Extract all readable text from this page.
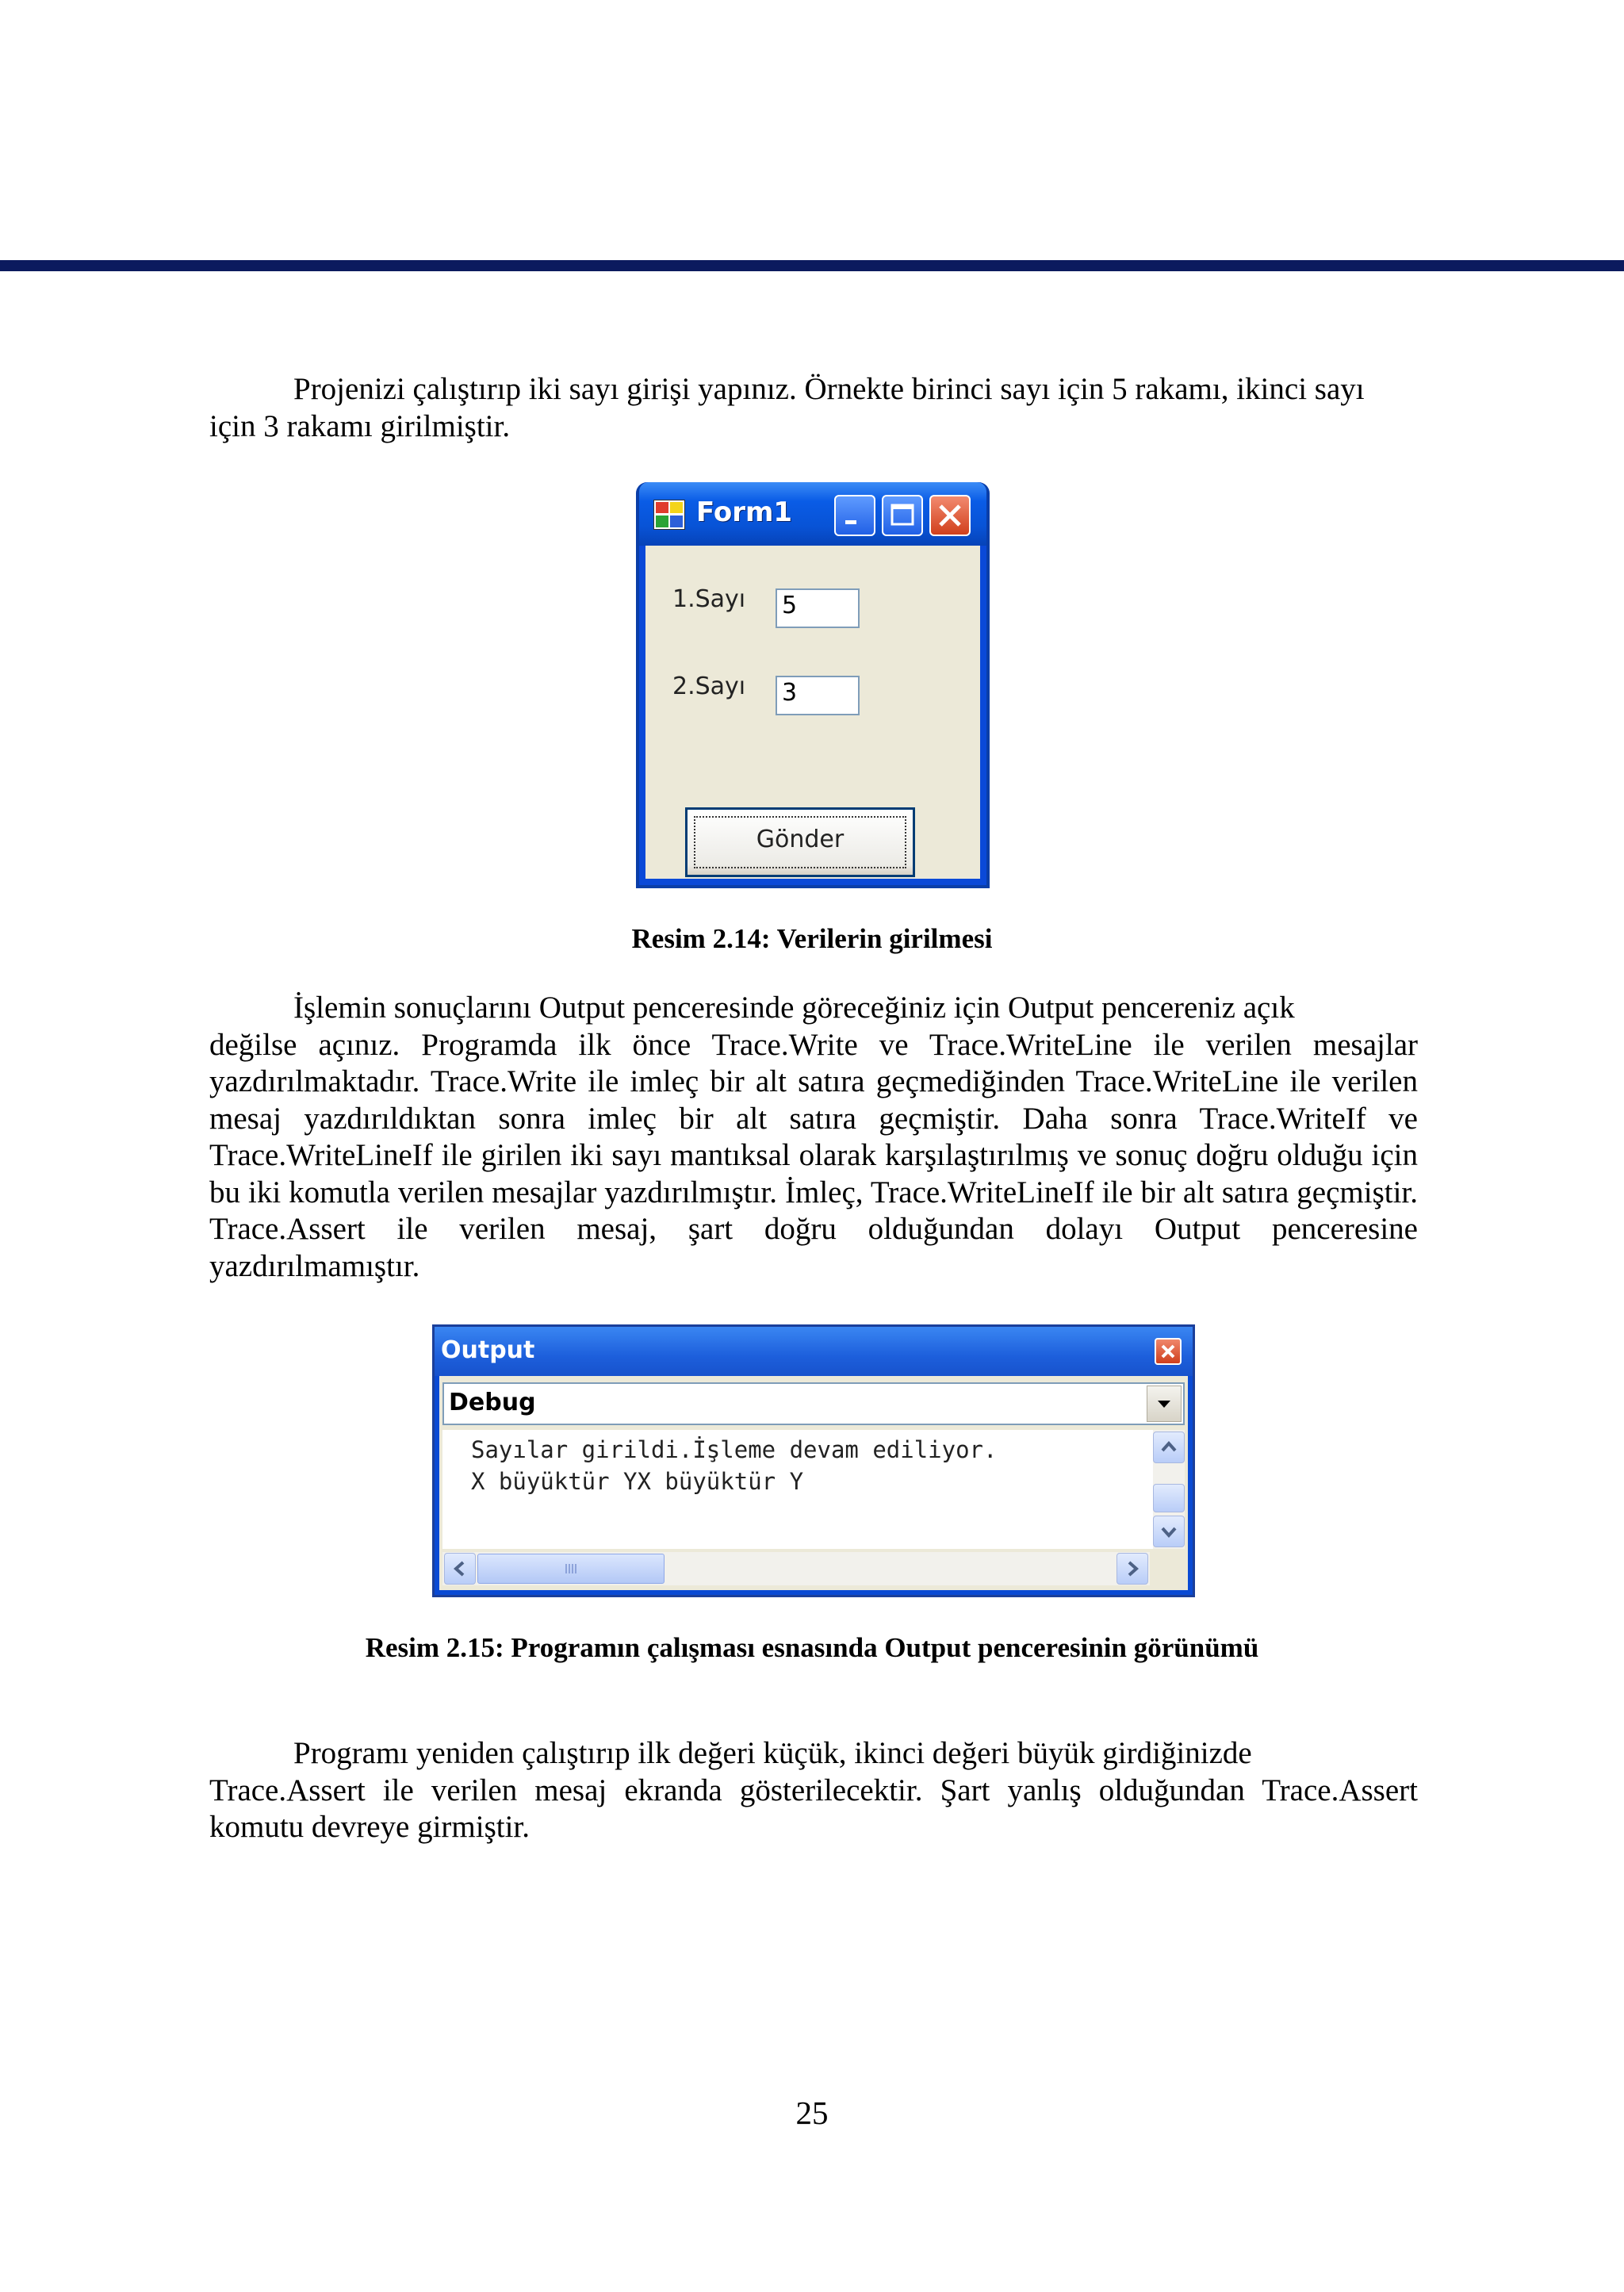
Projenizi çalıştırıp iki sayı girişi yapınız. Örnekte birinci sayı için 5 rakamı, ikinci sayı
için 3 rakamı girilmiştir.

Form1
1.Sayı 5
2.Sayı 3
Gönder

Resim 2.14: Verilerin girilmesi

İşlemin sonuçlarını Output penceresinde göreceğiniz için Output pencereniz açık
değilse açınız. Programda ilk önce Trace.Write ve Trace.WriteLine ile verilen mesajlar yazdırılmaktadır. Trace.Write ile imleç bir alt satıra geçmediğinden Trace.WriteLine ile verilen mesaj yazdırıldıktan sonra imleç bir alt satıra geçmiştir. Daha sonra Trace.WriteIf ve Trace.WriteLineIf ile girilen iki sayı mantıksal olarak karşılaştırılmış ve sonuç doğru olduğu için bu iki komutla verilen mesajlar yazdırılmıştır. İmleç, Trace.WriteLineIf ile bir alt satıra geçmiştir. Trace.Assert ile verilen mesaj, şart doğru olduğundan dolayı Output penceresine yazdırılmamıştır.

Output
Debug
Sayılar girildi.İşleme devam ediliyor.
X büyüktür YX büyüktür Y

Resim 2.15: Programın çalışması esnasında Output penceresinin görünümü

Programı yeniden çalıştırıp ilk değeri küçük, ikinci değeri büyük girdiğinizde
Trace.Assert ile verilen mesaj ekranda gösterilecektir. Şart yanlış olduğundan Trace.Assert komutu devreye girmiştir.

25
